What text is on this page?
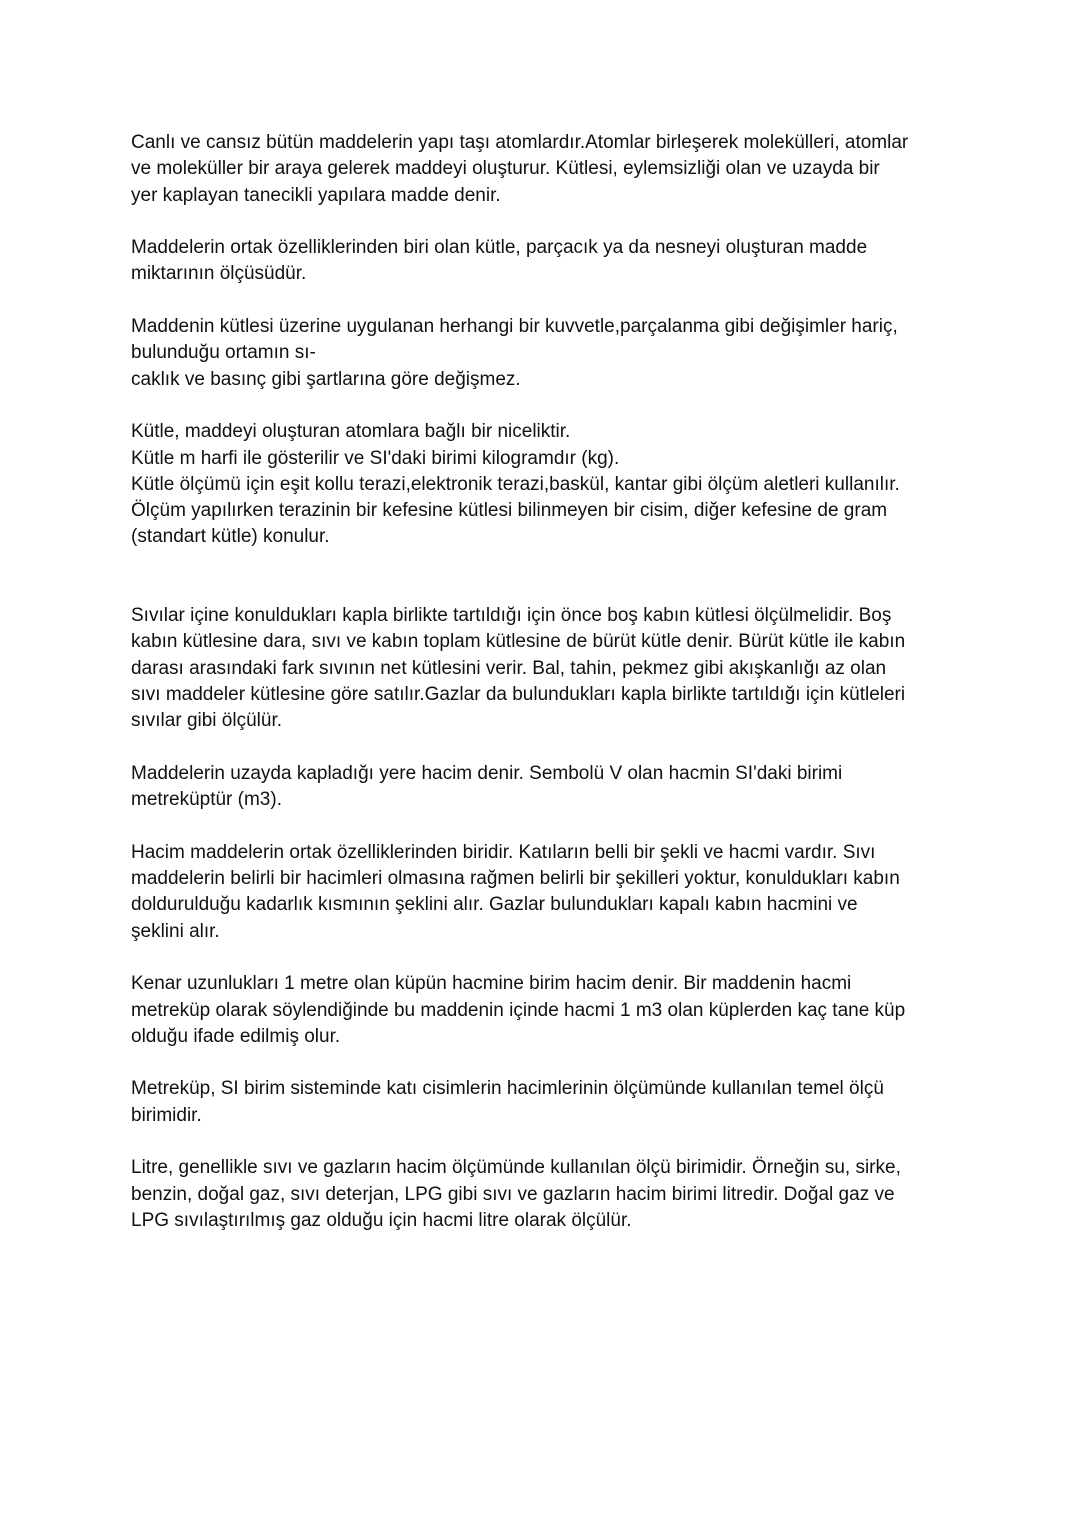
Canlı ve cansız bütün maddelerin yapı taşı atomlardır.Atomlar birleşerek molekülleri, atomlar
ve moleküller bir araya gelerek maddeyi oluşturur. Kütlesi, eylemsizliği olan ve uzayda bir
yer kaplayan tanecikli yapılara madde denir.
Maddelerin ortak özelliklerinden biri olan kütle, parçacık ya da nesneyi oluşturan madde
miktarının ölçüsüdür.
Maddenin kütlesi üzerine uygulanan herhangi bir kuvvetle,parçalanma gibi değişimler hariç,
bulunduğu ortamın sı-
caklık ve basınç gibi şartlarına göre değişmez.
Kütle, maddeyi oluşturan atomlara bağlı bir niceliktir.
Kütle m harfi ile gösterilir ve SI'daki birimi kilogramdır (kg).
Kütle ölçümü için eşit kollu terazi,elektronik terazi,baskül, kantar gibi ölçüm aletleri kullanılır.
Ölçüm yapılırken terazinin bir kefesine kütlesi bilinmeyen bir cisim, diğer kefesine de gram
(standart kütle) konulur.
Sıvılar içine konuldukları kapla birlikte tartıldığı için önce boş kabın kütlesi ölçülmelidir. Boş
kabın kütlesine dara, sıvı ve kabın toplam kütlesine de bürüt kütle denir. Bürüt kütle ile kabın
darası arasındaki fark sıvının net kütlesini verir. Bal, tahin, pekmez gibi akışkanlığı az olan
sıvı maddeler kütlesine göre satılır.Gazlar da bulundukları kapla birlikte tartıldığı için kütleleri
sıvılar gibi ölçülür.
Maddelerin uzayda kapladığı yere hacim denir. Sembolü V olan hacmin SI'daki birimi
metreküptür (m3).
Hacim maddelerin ortak özelliklerinden biridir. Katıların belli bir şekli ve hacmi vardır. Sıvı
maddelerin belirli bir hacimleri olmasına rağmen belirli bir şekilleri yoktur, konuldukları kabın
doldurulduğu kadarlık kısmının şeklini alır. Gazlar bulundukları kapalı kabın hacmini ve
şeklini alır.
Kenar uzunlukları 1 metre olan küpün hacmine birim hacim denir. Bir maddenin hacmi
metreküp olarak söylendiğinde bu maddenin içinde hacmi 1 m3 olan küplerden kaç tane küp
olduğu ifade edilmiş olur.
Metreküp, SI birim sisteminde katı cisimlerin hacimlerinin ölçümünde kullanılan temel ölçü
birimidir.
Litre, genellikle sıvı ve gazların hacim ölçümünde kullanılan ölçü birimidir. Örneğin su, sirke,
benzin, doğal gaz, sıvı deterjan, LPG gibi sıvı ve gazların hacim birimi litredir. Doğal gaz ve
LPG sıvılaştırılmış gaz olduğu için hacmi litre olarak ölçülür.
